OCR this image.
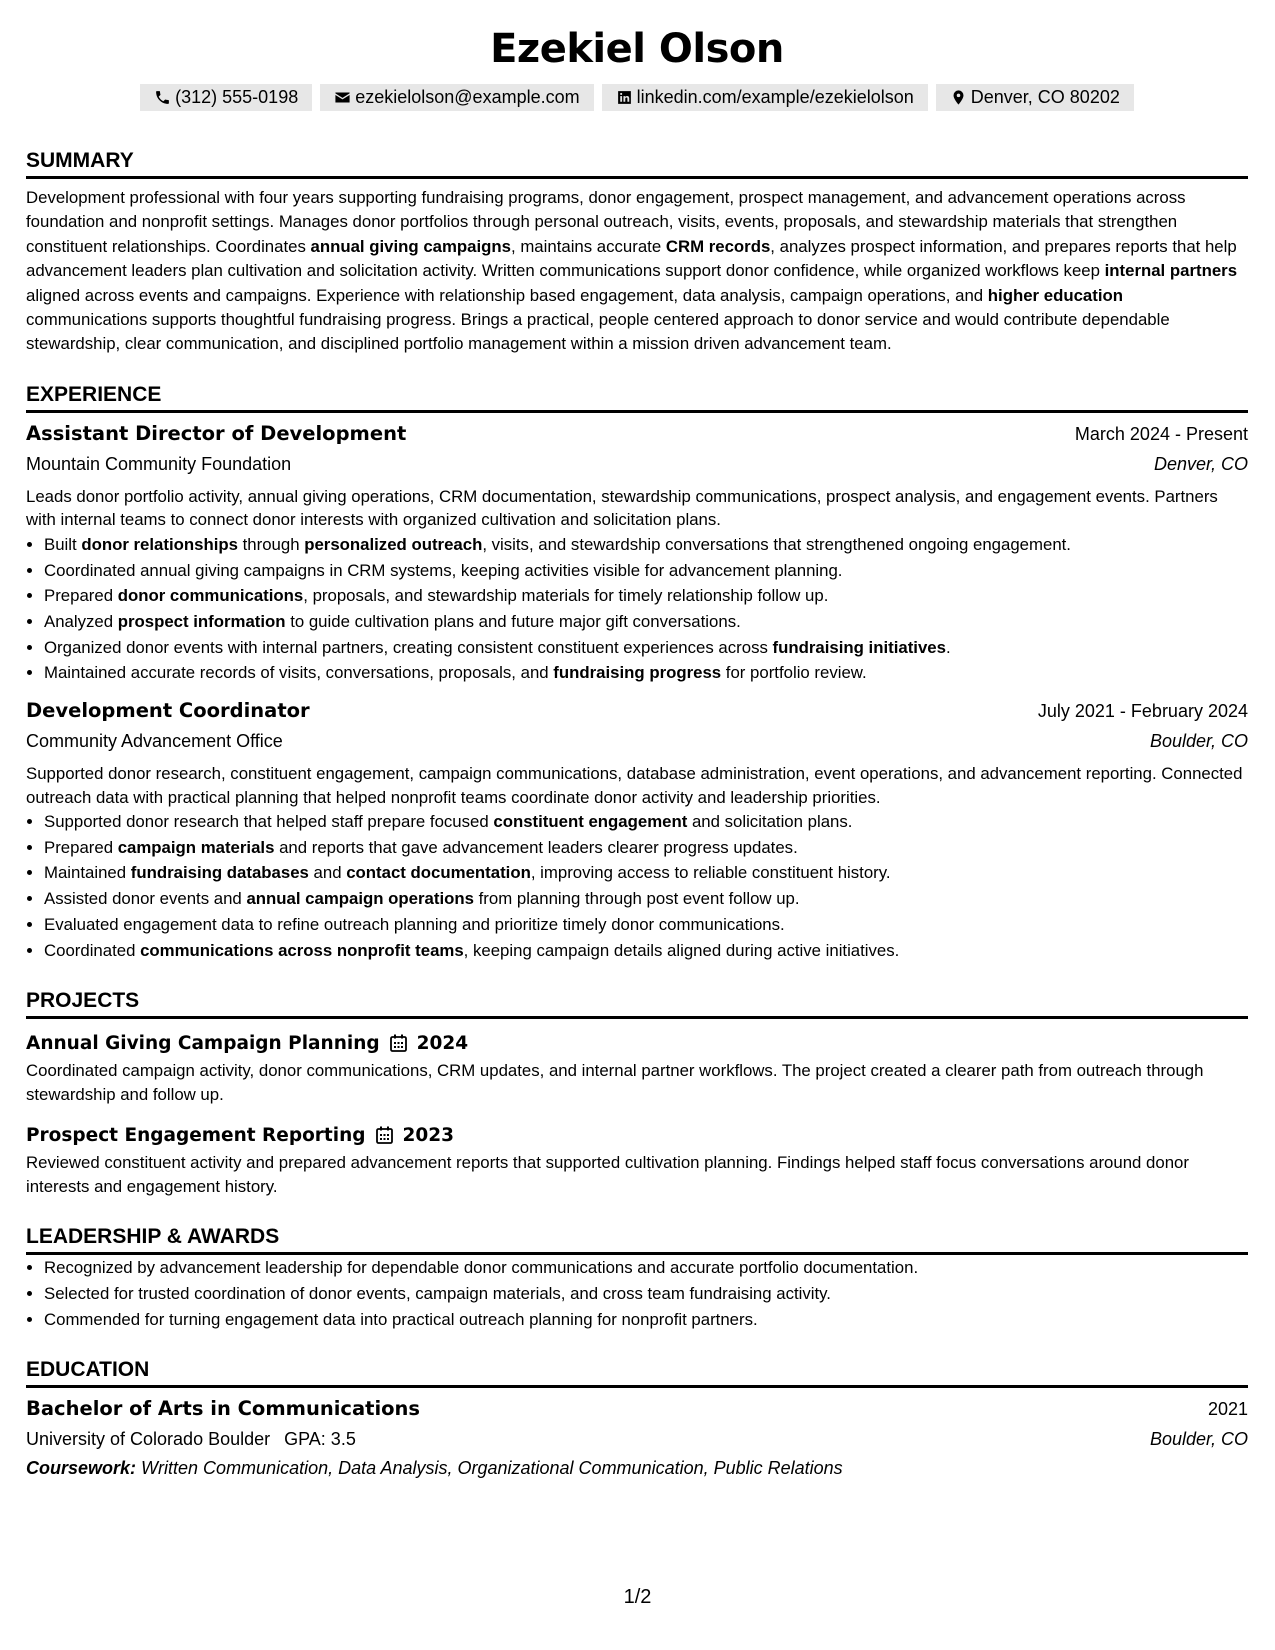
Ezekiel Olson
(312) 555-0198	ezekielolson@example.com	linkedin.com/example/ezekielolson	Denver, CO 80202
SUMMARY
Development professional with four years supporting fundraising programs, donor engagement, prospect management, and advancement operations across foundation and nonprofit settings. Manages donor portfolios through personal outreach, visits, events, proposals, and stewardship materials that strengthen constituent relationships. Coordinates annual giving campaigns, maintains accurate CRM records, analyzes prospect information, and prepares reports that help advancement leaders plan cultivation and solicitation activity. Written communications support donor confidence, while organized workflows keep internal partners aligned across events and campaigns. Experience with relationship based engagement, data analysis, campaign operations, and higher education communications supports thoughtful fundraising progress. Brings a practical, people centered approach to donor service and would contribute dependable stewardship, clear communication, and disciplined portfolio management within a mission driven advancement team.
EXPERIENCE
Assistant Director of Development	March 2024 - Present
Mountain Community Foundation	Denver, CO
Leads donor portfolio activity, annual giving operations, CRM documentation, stewardship communications, prospect analysis, and engagement events. Partners with internal teams to connect donor interests with organized cultivation and solicitation plans.
• Built donor relationships through personalized outreach, visits, and stewardship conversations that strengthened ongoing engagement.
• Coordinated annual giving campaigns in CRM systems, keeping activities visible for advancement planning.
• Prepared donor communications, proposals, and stewardship materials for timely relationship follow up.
• Analyzed prospect information to guide cultivation plans and future major gift conversations.
• Organized donor events with internal partners, creating consistent constituent experiences across fundraising initiatives.
• Maintained accurate records of visits, conversations, proposals, and fundraising progress for portfolio review.
Development Coordinator	July 2021 - February 2024
Community Advancement Office	Boulder, CO
Supported donor research, constituent engagement, campaign communications, database administration, event operations, and advancement reporting. Connected outreach data with practical planning that helped nonprofit teams coordinate donor activity and leadership priorities.
• Supported donor research that helped staff prepare focused constituent engagement and solicitation plans.
• Prepared campaign materials and reports that gave advancement leaders clearer progress updates.
• Maintained fundraising databases and contact documentation, improving access to reliable constituent history.
• Assisted donor events and annual campaign operations from planning through post event follow up.
• Evaluated engagement data to refine outreach planning and prioritize timely donor communications.
• Coordinated communications across nonprofit teams, keeping campaign details aligned during active initiatives.
PROJECTS
Annual Giving Campaign Planning 2024
Coordinated campaign activity, donor communications, CRM updates, and internal partner workflows. The project created a clearer path from outreach through stewardship and follow up.
Prospect Engagement Reporting 2023
Reviewed constituent activity and prepared advancement reports that supported cultivation planning. Findings helped staff focus conversations around donor interests and engagement history.
LEADERSHIP & AWARDS
• Recognized by advancement leadership for dependable donor communications and accurate portfolio documentation.
• Selected for trusted coordination of donor events, campaign materials, and cross team fundraising activity.
• Commended for turning engagement data into practical outreach planning for nonprofit partners.
EDUCATION
Bachelor of Arts in Communications	2021
University of Colorado Boulder GPA: 3.5	Boulder, CO
Coursework: Written Communication, Data Analysis, Organizational Communication, Public Relations
1/2
